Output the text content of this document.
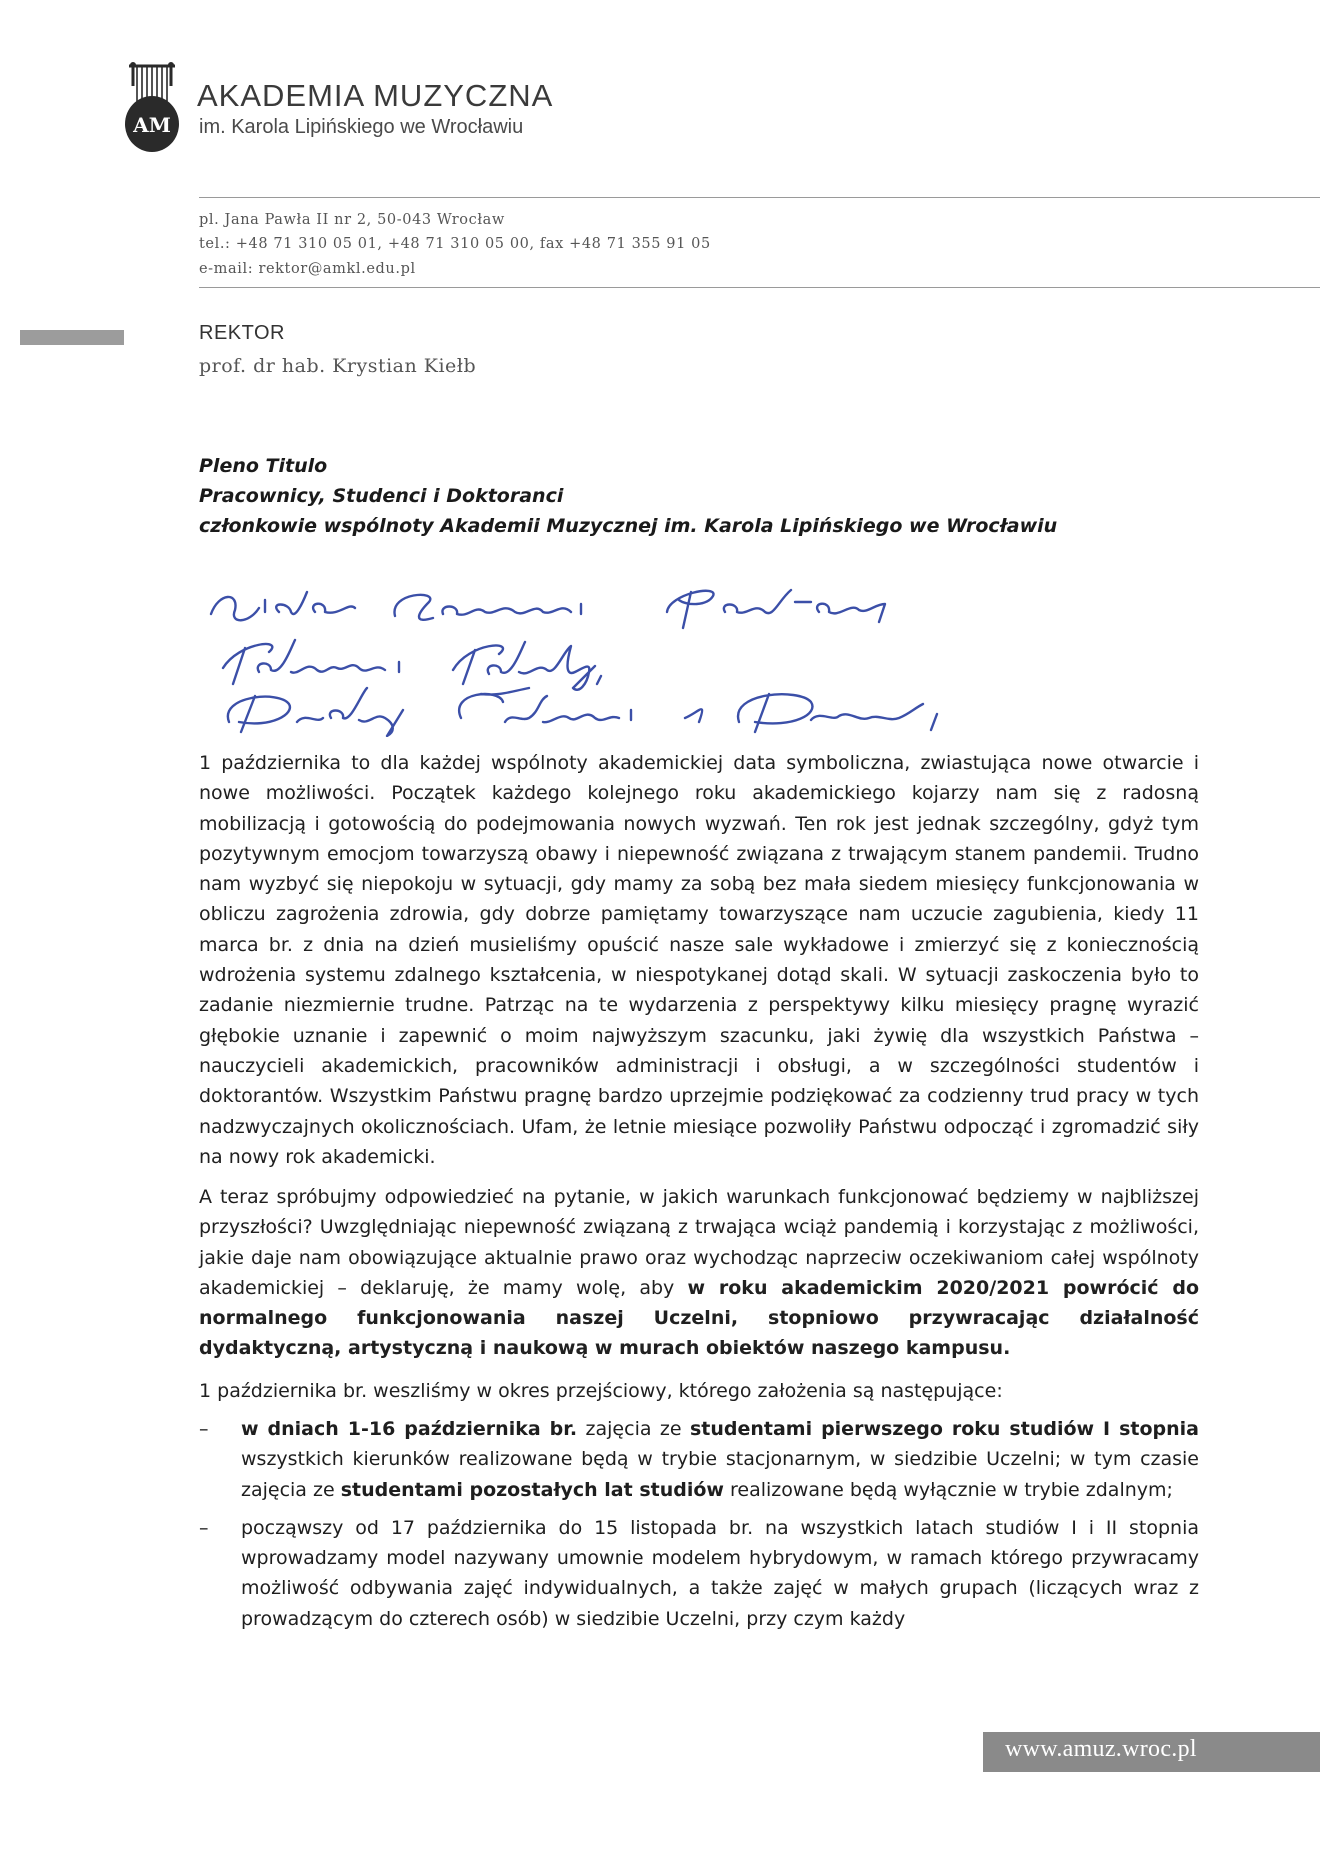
AM
AKADEMIA MUZYCZNA
im. Karola Lipińskiego we Wrocławiu
pl. Jana Pawła II nr 2, 50-043 Wrocław
tel.: +48 71 310 05 01, +48 71 310 05 00, fax +48 71 355 91 05
e-mail: rektor@amkl.edu.pl
REKTOR
prof. dr hab. Krystian Kiełb
Pleno Titulo
Pracownicy, Studenci i Doktoranci
członkowie wspólnoty Akademii Muzycznej im. Karola Lipińskiego we Wrocławiu

1 października to dla każdej wspólnoty akademickiej data symboliczna, zwiastująca nowe otwarcie i nowe możliwości. Początek każdego kolejnego roku akademickiego kojarzy nam się z radosną mobilizacją i gotowością do podejmowania nowych wyzwań. Ten rok jest jednak szczególny, gdyż tym pozytywnym emocjom towarzyszą obawy i niepewność związana z trwającym stanem pandemii. Trudno nam wyzbyć się niepokoju w sytuacji, gdy mamy za sobą bez mała siedem miesięcy funkcjonowania w obliczu zagrożenia zdrowia, gdy dobrze pamiętamy towarzyszące nam uczucie zagubienia, kiedy 11 marca br. z dnia na dzień musieliśmy opuścić nasze sale wykładowe i zmierzyć się z koniecznością wdrożenia systemu zdalnego kształcenia, w niespotykanej dotąd skali. W sytuacji zaskoczenia było to zadanie niezmiernie trudne. Patrząc na te wydarzenia z perspektywy kilku miesięcy pragnę wyrazić głębokie uznanie i zapewnić o moim najwyższym szacunku, jaki żywię dla wszystkich Państwa – nauczycieli akademickich, pracowników administracji i obsługi, a w szczególności studentów i doktorantów. Wszystkim Państwu pragnę bardzo uprzejmie podziękować za codzienny trud pracy w tych nadzwyczajnych okolicznościach. Ufam, że letnie miesiące pozwoliły Państwu odpocząć i zgromadzić siły na nowy rok akademicki.

A teraz spróbujmy odpowiedzieć na pytanie, w jakich warunkach funkcjonować będziemy w najbliższej przyszłości? Uwzględniając niepewność związaną z trwająca wciąż pandemią i korzystając z możliwości, jakie daje nam obowiązujące aktualnie prawo oraz wychodząc naprzeciw oczekiwaniom całej wspólnoty akademickiej – deklaruję, że mamy wolę, aby w roku akademickim 2020/2021 powrócić do normalnego funkcjonowania naszej Uczelni, stopniowo przywracając działalność dydaktyczną, artystyczną i naukową w murach obiektów naszego kampusu.

1 października br. weszliśmy w okres przejściowy, którego założenia są następujące:

– w dniach 1-16 października br. zajęcia ze studentami pierwszego roku studiów I stopnia wszystkich kierunków realizowane będą w trybie stacjonarnym, w siedzibie Uczelni; w tym czasie zajęcia ze studentami pozostałych lat studiów realizowane będą wyłącznie w trybie zdalnym;
– począwszy od 17 października do 15 listopada br. na wszystkich latach studiów I i II stopnia wprowadzamy model nazywany umownie modelem hybrydowym, w ramach którego przywracamy możliwość odbywania zajęć indywidualnych, a także zajęć w małych grupach (liczących wraz z prowadzącym do czterech osób) w siedzibie Uczelni, przy czym każdy
www.amuz.wroc.pl
